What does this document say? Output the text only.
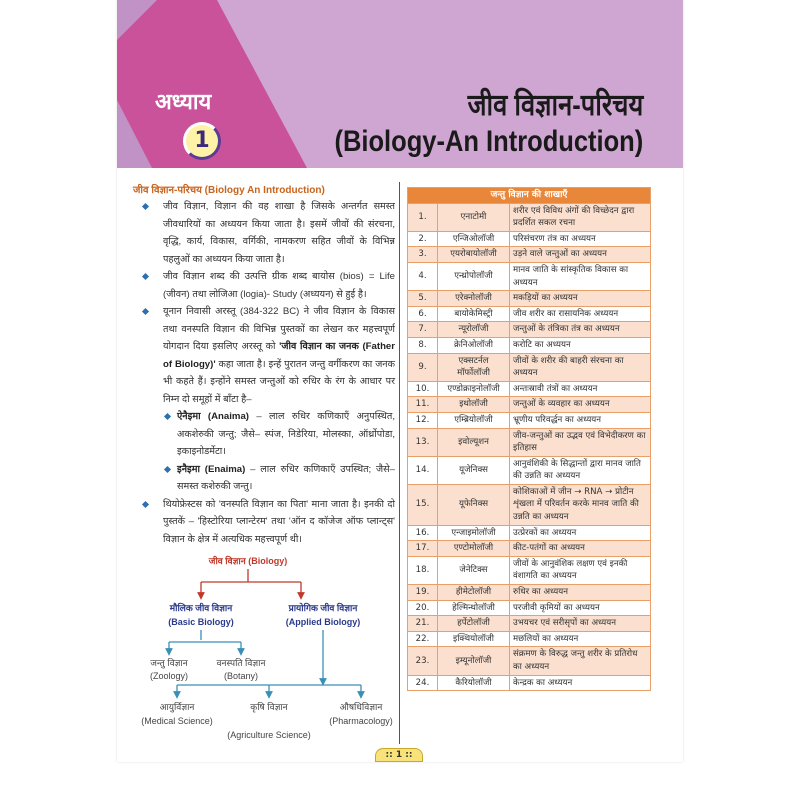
अध्याय
1
जीव विज्ञान-परिचय
(Biology-An Introduction)
जीव विज्ञान-परिचय (Biology An Introduction)
जीव विज्ञान, विज्ञान की वह शाखा है जिसके अन्तर्गत समस्त जीवधारियों का अध्ययन किया जाता है। इसमें जीवों की संरचना, वृद्धि, कार्य, विकास, वर्गिकी, नामकरण सहित जीवों के विभिन्न पहलुओं का अध्ययन किया जाता है।
जीव विज्ञान शब्द की उत्पत्ति ग्रीक शब्द बायोस (bios) = Life (जीवन) तथा लोजिआ (logia)- Study (अध्ययन) से हुई है।
यूनान निवासी अरस्तू (384-322 BC) ने जीव विज्ञान के विकास तथा वनस्पति विज्ञान की विभिन्न पुस्तकों का लेखन कर महत्त्वपूर्ण योगदान दिया इसलिए अरस्तू को 'जीव विज्ञान का जनक (Father of Biology)' कहा जाता है। इन्हें पुरातन जन्तु वर्गीकरण का जनक भी कहते हैं। इन्होंने समस्त जन्तुओं को रुधिर के रंग के आधार पर निम्न दो समूहों में बाँटा है–
ऐनैइमा (Anaima) – लाल रुधिर कणिकाएँ अनुपस्थित, अकशेरुकी जन्तु; जैसे– स्पंज, निडेरिया, मोलस्का, ऑर्थ्रोपोडा, इकाइनोडर्मेटा।
इनैइमा (Enaima) – लाल रुधिर कणिकाएँ उपस्थित; जैसे– समस्त कशेरुकी जन्तु।
थियोफ्रेस्टस को 'वनस्पति विज्ञान का पिता' माना जाता है। इनकी दो पुस्तकें – 'हिस्टोरिया प्लान्टेरम' तथा 'ऑन द कॉजेज ऑफ प्लान्ट्स' विज्ञान के क्षेत्र में अत्यधिक महत्त्वपूर्ण थी।
जीव विज्ञान (Biology)
मौलिक जीव विज्ञान
(Basic Biology)
प्रायोगिक जीव विज्ञान
(Applied Biology)
जन्तु विज्ञान
(Zoology)
वनस्पति विज्ञान
(Botany)
आयुर्विज्ञान
(Medical Science)
कृषि विज्ञान
(Agriculture Science)
औषधिविज्ञान
(Pharmacology)
जन्तु विज्ञान की शाखाएँ		
1.	एनाटोमी	शरीर एवं विविध अंगों की विच्छेदन द्वारा प्रदर्शित सकल रचना
2.	एन्जिओलॉजी	परिसंचरण तंत्र का अध्ययन
3.	एयरोबायोलॉजी	उड़ने वाले जन्तुओं का अध्ययन
4.	एन्थ्रोपोलॉजी	मानव जाति के सांस्कृतिक विकास का अध्ययन
5.	एरेक्नोलॉजी	मकड़ियों का अध्ययन
6.	बायोकेमिस्ट्री	जीव शरीर का रासायनिक अध्ययन
7.	न्यूरोलॉजी	जन्तुओं के तंत्रिका तंत्र का अध्ययन
8.	क्रेनिओलॉजी	करोटि का अध्ययन
9.	एक्सटर्नल मॉर्फोलॉजी	जीवों के शरीर की बाहरी संरचना का अध्ययन
10.	एण्डोक्राइनोलॉजी	अन्तःस्रावी तंत्रों का अध्ययन
11.	इथोलॉजी	जन्तुओं के व्यवहार का अध्ययन
12.	एम्ब्रियोलॉजी	भ्रूणीय परिवर्द्धन का अध्ययन
13.	इवोल्यूशन	जीव-जन्तुओं का उद्भव एवं विभेदीकरण का इतिहास
14.	यूजेनिक्स	आनुवंशिकी के सिद्धान्तों द्वारा मानव जाति की उन्नति का अध्ययन
15.	यूफेनिक्स	कोशिकाओं में जीन → RNA → प्रोटीन शृंखला में परिवर्तन करके मानव जाति की उन्नति का अध्ययन
16.	एन्जाइमोलॉजी	उत्प्रेरकों का अध्ययन
17.	एण्टोमोलॉजी	कीट-पतंगों का अध्ययन
18.	जेनेटिक्स	जीवों के आनुवंशिक लक्षण एवं इनकी वंशागति का अध्ययन
19.	हीमेटोलॉजी	रुधिर का अध्ययन
20.	हेल्मिन्थोलॉजी	परजीवी कृमियों का अध्ययन
21.	हर्पेटोलॉजी	उभयचर एवं सरीसृपों का अध्ययन
22.	इक्थियोलॉजी	मछलियों का अध्ययन
23.	इम्यूनोलॉजी	संक्रमण के विरुद्ध जन्तु शरीर के प्रतिरोध का अध्ययन
24.	कैरियोलॉजी	केन्द्रक का अध्ययन
:: 1 ::
